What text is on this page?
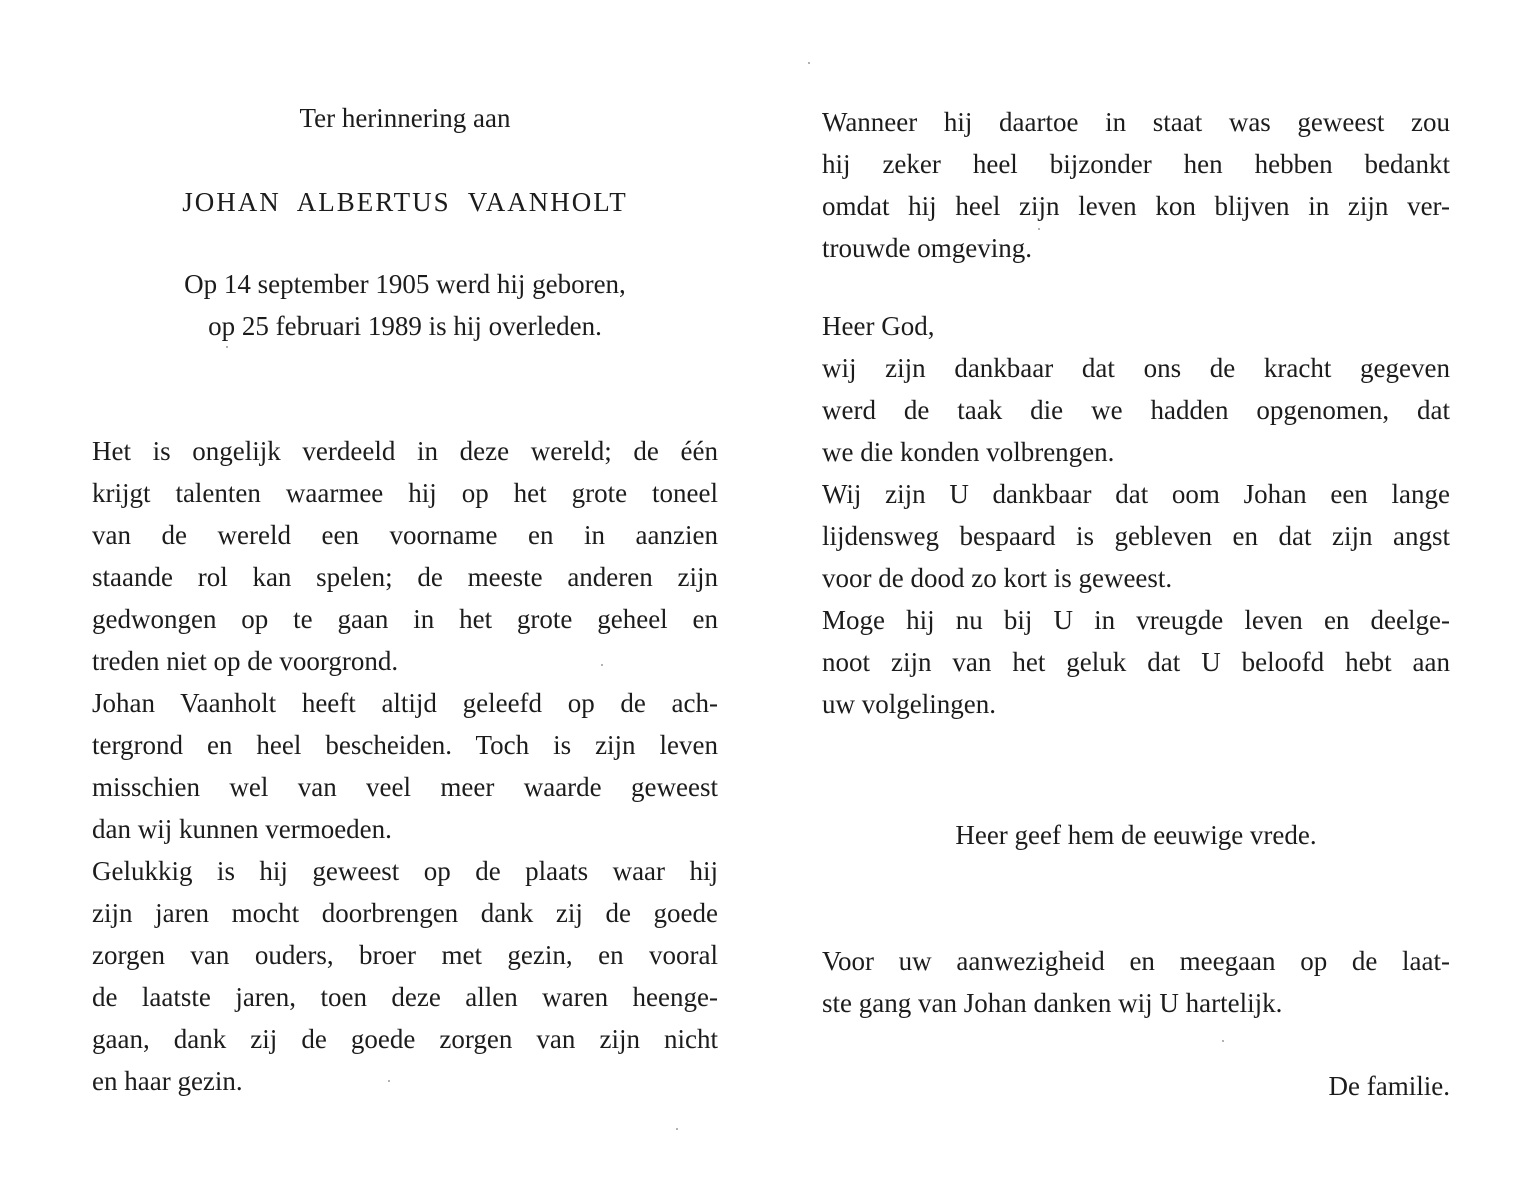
Ter herinnering aan
JOHAN  ALBERTUS  VAANHOLT
Op 14 september 1905 werd hij geboren,
op 25 februari 1989 is hij overleden.
Het is ongelijk verdeeld in deze wereld; de één
krijgt talenten waarmee hij op het grote toneel
van de wereld een voorname en in aanzien
staande rol kan spelen; de meeste anderen zijn
gedwongen op te gaan in het grote geheel en
treden niet op de voorgrond.
Johan Vaanholt heeft altijd geleefd op de ach-
tergrond en heel bescheiden. Toch is zijn leven
misschien wel van veel meer waarde geweest
dan wij kunnen vermoeden.
Gelukkig is hij geweest op de plaats waar hij
zijn jaren mocht doorbrengen dank zij de goede
zorgen van ouders, broer met gezin, en vooral
de laatste jaren, toen deze allen waren heenge-
gaan, dank zij de goede zorgen van zijn nicht
en haar gezin.
Wanneer hij daartoe in staat was geweest zou
hij zeker heel bijzonder hen hebben bedankt
omdat hij heel zijn leven kon blijven in zijn ver-
trouwde omgeving.
Heer God,
wij zijn dankbaar dat ons de kracht gegeven
werd de taak die we hadden opgenomen, dat
we die konden volbrengen.
Wij zijn U dankbaar dat oom Johan een lange
lijdensweg bespaard is gebleven en dat zijn angst
voor de dood zo kort is geweest.
Moge hij nu bij U in vreugde leven en deelge-
noot zijn van het geluk dat U beloofd hebt aan
uw volgelingen.
Heer geef hem de eeuwige vrede.
Voor uw aanwezigheid en meegaan op de laat-
ste gang van Johan danken wij U hartelijk.
De familie.
